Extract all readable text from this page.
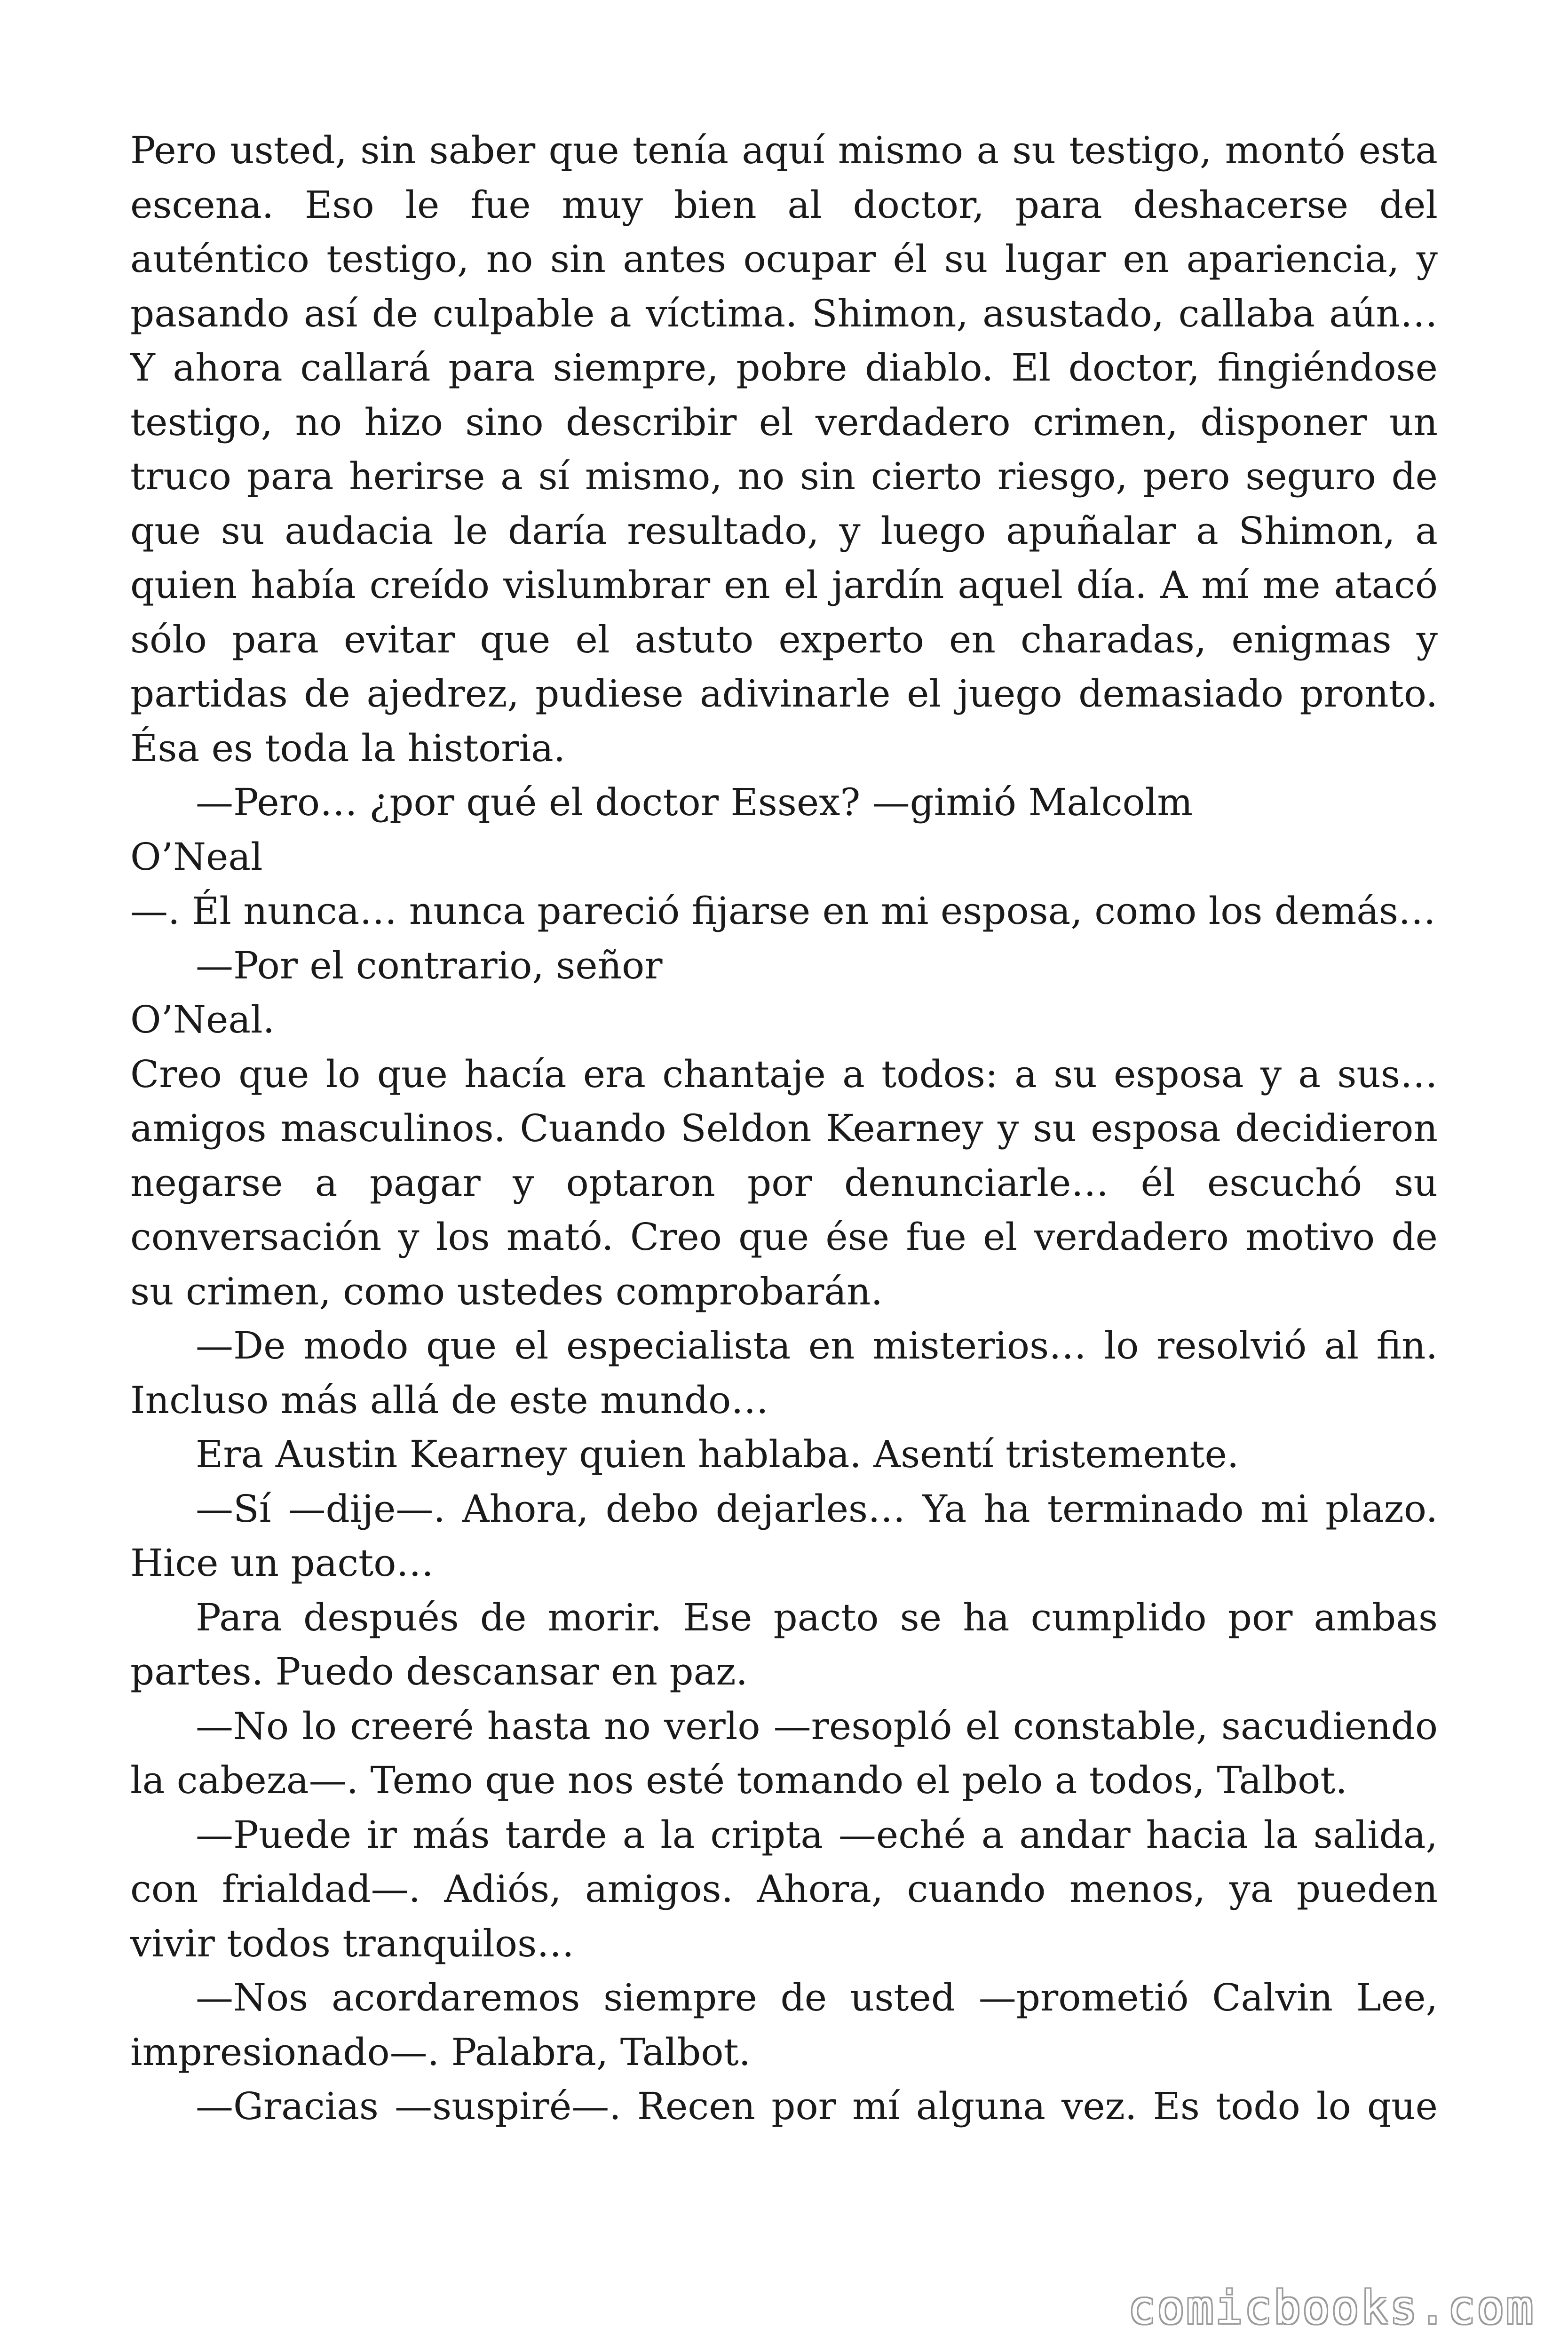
Pero usted, sin saber que tenía aquí mismo a su testigo, montó esta escena. Eso le fue muy bien al doctor, para deshacerse del auténtico testigo, no sin antes ocupar él su lugar en apariencia, y pasando así de culpable a víctima. Shimon, asustado, callaba aún… Y ahora callará para siempre, pobre diablo. El doctor, fingiéndose testigo, no hizo sino describir el verdadero crimen, disponer un truco para herirse a sí mismo, no sin cierto riesgo, pero seguro de que su audacia le daría resultado, y luego apuñalar a Shimon, a quien había creído vislumbrar en el jardín aquel día. A mí me atacó sólo para evitar que el astuto experto en charadas, enigmas y partidas de ajedrez, pudiese adivinarle el juego demasiado pronto. Ésa es toda la historia.

—Pero… ¿por qué el doctor Essex? —gimió Malcolm

O’Neal

—. Él nunca… nunca pareció fijarse en mi esposa, como los demás…

—Por el contrario, señor

O’Neal.

Creo que lo que hacía era chantaje a todos: a su esposa y a sus… amigos masculinos. Cuando Seldon Kearney y su esposa decidieron negarse a pagar y optaron por denunciarle… él escuchó su conversación y los mató. Creo que ése fue el verdadero motivo de su crimen, como ustedes comprobarán.

—De modo que el especialista en misterios… lo resolvió al fin. Incluso más allá de este mundo…

Era Austin Kearney quien hablaba. Asentí tristemente.

—Sí —dije—. Ahora, debo dejarles… Ya ha terminado mi plazo. Hice un pacto…

Para después de morir. Ese pacto se ha cumplido por ambas partes. Puedo descansar en paz.

—No lo creeré hasta no verlo —resopló el constable, sacudiendo la cabeza—. Temo que nos esté tomando el pelo a todos, Talbot.

—Puede ir más tarde a la cripta —eché a andar hacia la salida, con frialdad—. Adiós, amigos. Ahora, cuando menos, ya pueden vivir todos tranquilos…

—Nos acordaremos siempre de usted —prometió Calvin Lee, impresionado—. Palabra, Talbot.

—Gracias —suspiré—. Recen por mí alguna vez. Es todo lo que

comicbooks.com
